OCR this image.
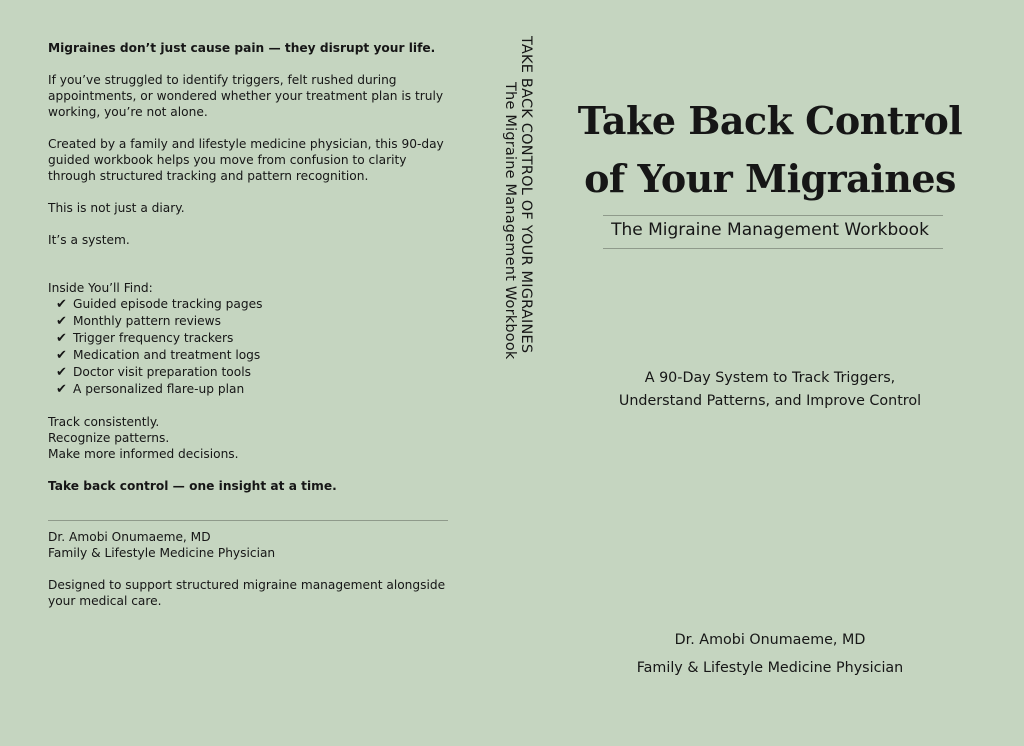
Migraines don’t just cause pain — they disrupt your life.

If you’ve struggled to identify triggers, felt rushed during appointments, or wondered whether your treatment plan is truly working, you’re not alone.

Created by a family and lifestyle medicine physician, this 90-day guided workbook helps you move from confusion to clarity through structured tracking and pattern recognition.

This is not just a diary.

It’s a system.

Inside You’ll Find:

✔ Guided episode tracking pages
✔ Monthly pattern reviews
✔ Trigger frequency trackers
✔ Medication and treatment logs
✔ Doctor visit preparation tools
✔ A personalized flare-up plan

Track consistently.

Recognize patterns.

Make more informed decisions.

Take back control — one insight at a time.

Dr. Amobi Onumaeme, MD

Family & Lifestyle Medicine Physician

Designed to support structured migraine management alongside your medical care.

TAKE BACK CONTROL OF YOUR MIGRAINES
The Migraine Management Workbook	Take Back Control
of Your Migraines
The Migraine Management Workbook
A 90-Day System to Track Triggers,
Understand Patterns, and Improve Control
Dr. Amobi Onumaeme, MD
Family & Lifestyle Medicine Physician
